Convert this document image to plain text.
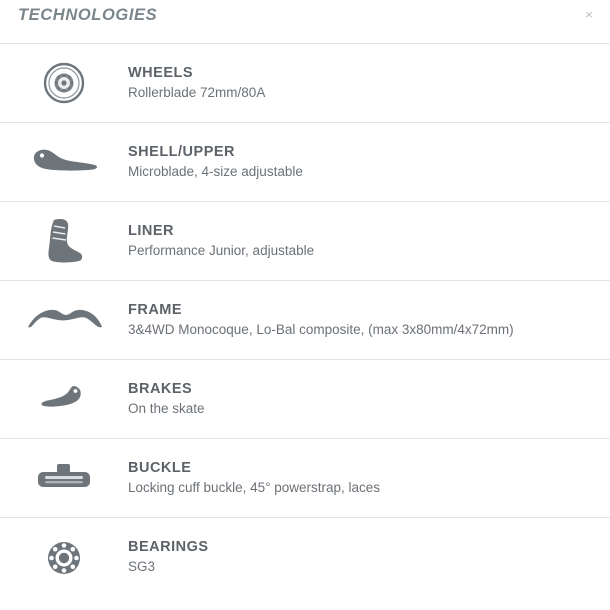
TECHNOLOGIES	×
WHEELS
Rollerblade 72mm/80A
SHELL/UPPER
Microblade, 4-size adjustable
LINER
Performance Junior, adjustable
FRAME
3&4WD Monocoque, Lo-Bal composite, (max 3x80mm/4x72mm)
BRAKES
On the skate
BUCKLE
Locking cuff buckle, 45° powerstrap, laces
BEARINGS
SG3
